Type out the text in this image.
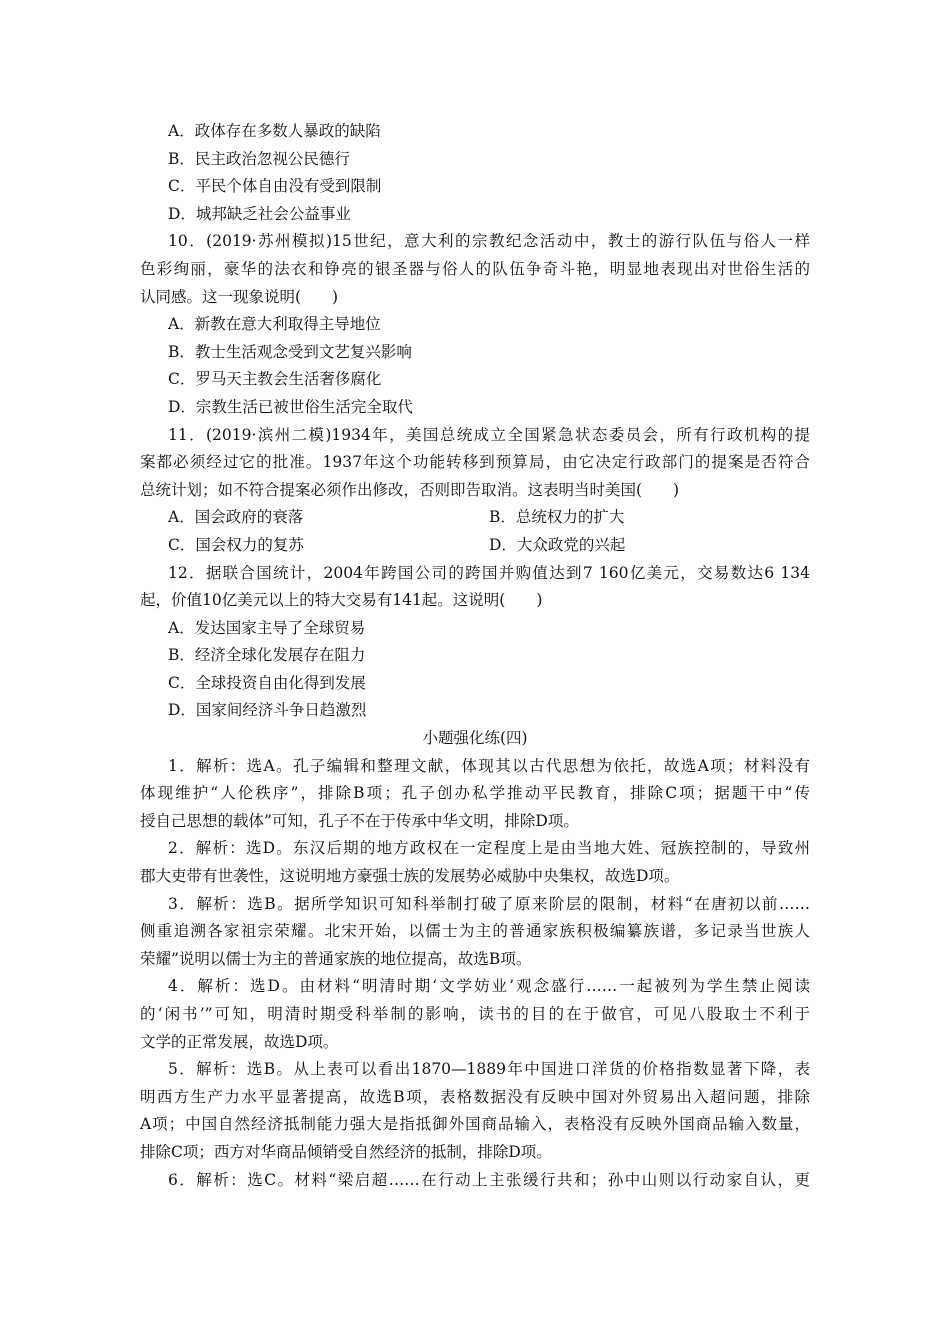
A．政体存在多数人暴政的缺陷
B．民主政治忽视公民德行
C．平民个体自由没有受到限制
D．城邦缺乏社会公益事业
10．(2019·苏州模拟)15世纪，意大利的宗教纪念活动中，教士的游行队伍与俗人一样
色彩绚丽，豪华的法衣和铮亮的银圣器与俗人的队伍争奇斗艳，明显地表现出对世俗生活的
认同感。这一现象说明(　　)
A．新教在意大利取得主导地位
B．教士生活观念受到文艺复兴影响
C．罗马天主教会生活奢侈腐化
D．宗教生活已被世俗生活完全取代
11．(2019·滨州二模)1934年，美国总统成立全国紧急状态委员会，所有行政机构的提
案都必须经过它的批准。1937年这个功能转移到预算局，由它决定行政部门的提案是否符合
总统计划；如不符合提案必须作出修改，否则即告取消。这表明当时美国(　　)
A．国会政府的衰落	B．总统权力的扩大
C．国会权力的复苏	D．大众政党的兴起
12．据联合国统计，2004年跨国公司的跨国并购值达到7 160亿美元，交易数达6 134
起，价值10亿美元以上的特大交易有141起。这说明(　　)
A．发达国家主导了全球贸易
B．经济全球化发展存在阻力
C．全球投资自由化得到发展
D．国家间经济斗争日趋激烈
小题强化练(四)
1．解析：选A。孔子编辑和整理文献，体现其以古代思想为依托，故选A项；材料没有
体现维护“人伦秩序”，排除B项；孔子创办私学推动平民教育，排除C项；据题干中“传
授自己思想的载体”可知，孔子不在于传承中华文明，排除D项。
2．解析：选D。东汉后期的地方政权在一定程度上是由当地大姓、冠族控制的，导致州
郡大吏带有世袭性，这说明地方豪强士族的发展势必威胁中央集权，故选D项。
3．解析：选B。据所学知识可知科举制打破了原来阶层的限制，材料“在唐初以前……
侧重追溯各家祖宗荣耀。北宋开始，以儒士为主的普通家族积极编纂族谱，多记录当世族人
荣耀”说明以儒士为主的普通家族的地位提高，故选B项。
4．解析：选D。由材料“明清时期‘文学妨业’观念盛行……一起被列为学生禁止阅读
的‘闲书’”可知，明清时期受科举制的影响，读书的目的在于做官，可见八股取士不利于
文学的正常发展，故选D项。
5．解析：选B。从上表可以看出1870—1889年中国进口洋货的价格指数显著下降，表
明西方生产力水平显著提高，故选B项，表格数据没有反映中国对外贸易出入超问题，排除
A项；中国自然经济抵制能力强大是指抵御外国商品输入，表格没有反映外国商品输入数量，
排除C项；西方对华商品倾销受自然经济的抵制，排除D项。
6．解析：选C。材料“梁启超……在行动上主张缓行共和；孙中山则以行动家自认，更
